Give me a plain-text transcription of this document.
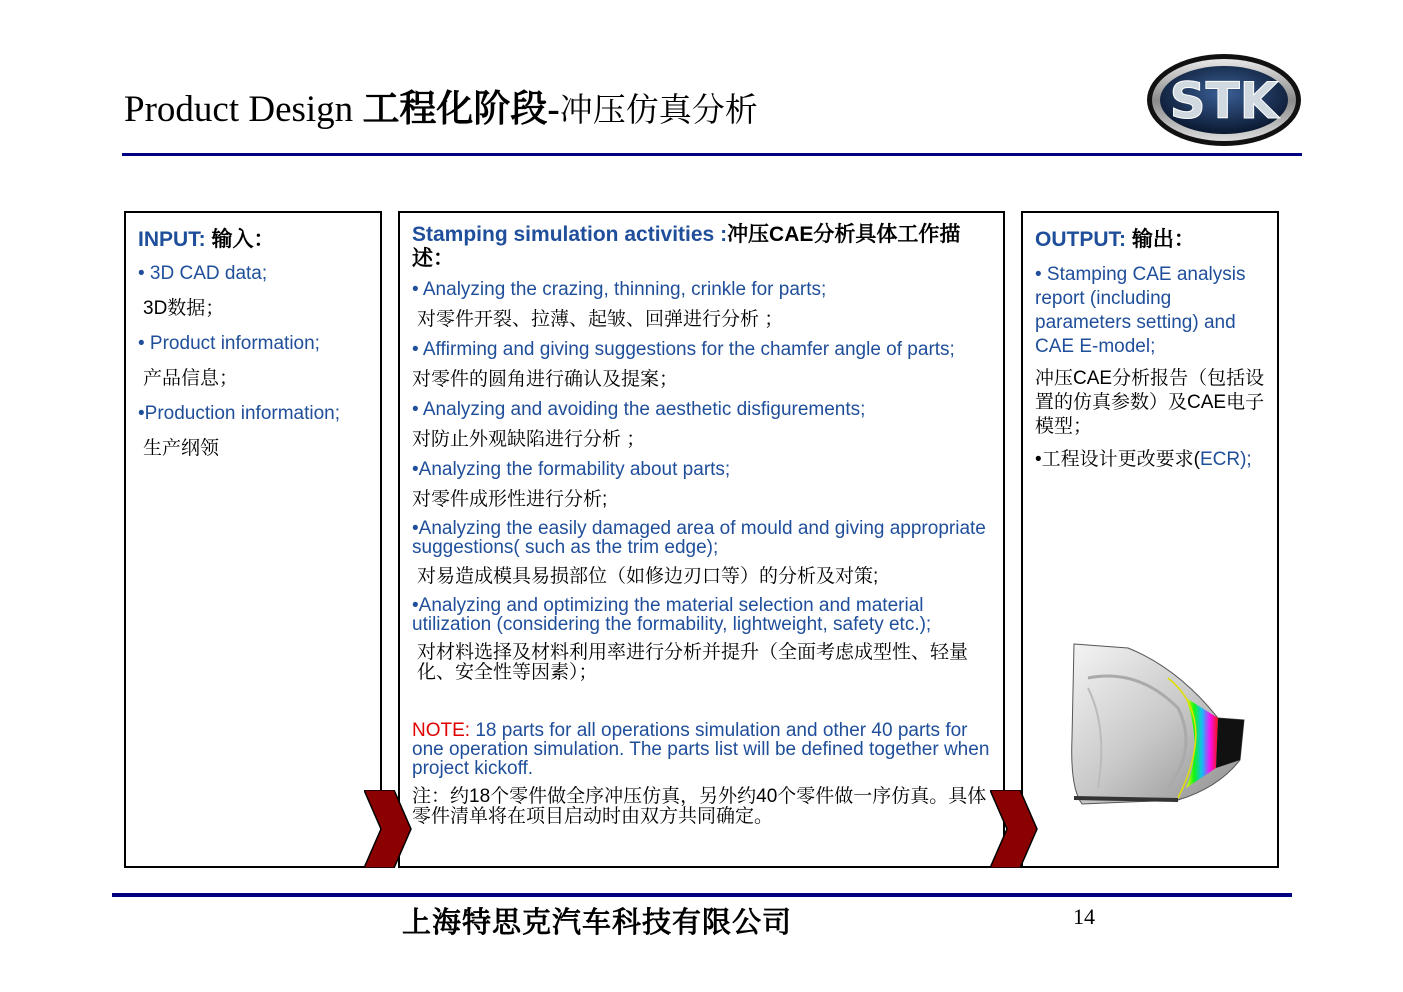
Product Design 工程化阶段-冲压仿真分析	STK
INPUT: 输入：

• 3D CAD data;

3D数据；

• Product information;

产品信息；

•Production information;

生产纲领

Stamping simulation activities :冲压CAE分析具体工作描述：

• Analyzing the crazing, thinning, crinkle for parts;

对零件开裂、拉薄、起皱、回弹进行分析 ；

• Affirming and giving suggestions for the chamfer angle of parts;

对零件的圆角进行确认及提案；

• Analyzing and avoiding the aesthetic disfigurements;

对防止外观缺陷进行分析 ；

•Analyzing the formability about parts;

对零件成形性进行分析;

•Analyzing the easily damaged area of mould and giving appropriate suggestions( such as the trim edge);

对易造成模具易损部位（如修边刃口等）的分析及对策;

•Analyzing and optimizing the material selection and material utilization (considering the formability, lightweight, safety etc.);

对材料选择及材料利用率进行分析并提升（全面考虑成型性、轻量化、安全性等因素）；

NOTE: 18 parts for all operations simulation and other 40 parts for one operation simulation. The parts list will be defined together when project kickoff.

注：约18个零件做全序冲压仿真，另外约40个零件做一序仿真。具体零件清单将在项目启动时由双方共同确定。

OUTPUT: 输出：

• Stamping CAE analysis report (including parameters setting) and CAE E-model;

冲压CAE分析报告（包括设置的仿真参数）及CAE电子模型；

•工程设计更改要求(ECR);

上海特思克汽车科技有限公司	14
